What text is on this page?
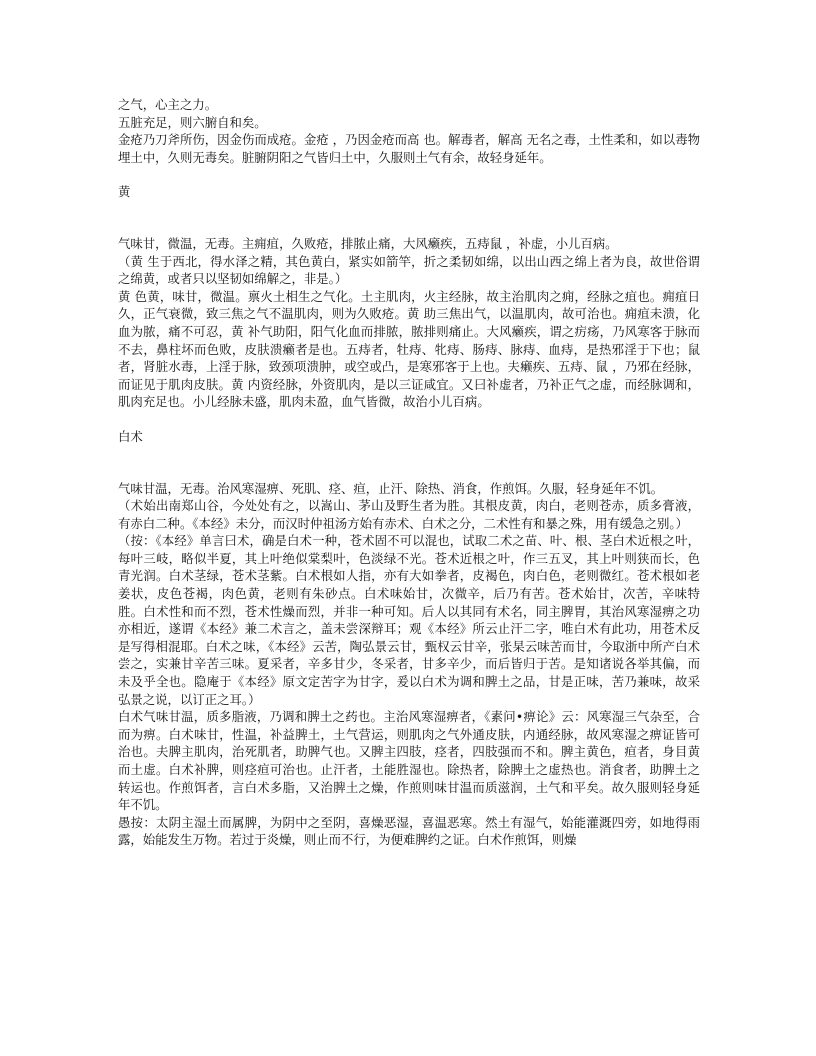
之气，心主之力。

五脏充足，则六腑自和矣。

金疮乃刀斧所伤，因金伤而成疮。金疮 ，乃因金疮而高 也。解毒者，解高 无名之毒，土性柔和，如以毒物埋土中，久则无毒矣。脏腑阴阳之气皆归土中，久服则土气有余，故轻身延年。

黄

气味甘，微温，无毒。主痈疽，久败疮，排脓止痛，大风癞疾，五痔鼠 ，补虚，小儿百病。

（黄 生于西北，得水泽之精，其色黄白，紧实如箭竿，折之柔韧如绵，以出山西之绵上者为良，故世俗谓之绵黄，或者只以坚韧如绵解之，非是。）

黄 色黄，味甘，微温。禀火土相生之气化。土主肌肉，火主经脉，故主治肌肉之痈，经脉之疽也。痈疽日久，正气衰微，致三焦之气不温肌肉，则为久败疮。黄 助三焦出气，以温肌肉，故可治也。痈疽未溃，化血为脓，痛不可忍，黄 补气助阳，阳气化血而排脓，脓排则痛止。大风癞疾，谓之疠疡，乃风寒客于脉而不去，鼻柱坏而色败，皮肤溃癞者是也。五痔者，牡痔、牝痔、肠痔、脉痔、血痔，是热邪淫于下也；鼠 者，肾脏水毒，上淫于脉，致颈项溃肿，或空或凸，是寒邪客于上也。夫癞疾、五痔、鼠 ，乃邪在经脉，而证见于肌肉皮肤。黄 内资经脉，外资肌肉，是以三证咸宜。又曰补虚者，乃补正气之虚，而经脉调和，肌肉充足也。小儿经脉未盛，肌肉未盈，血气皆微，故治小儿百病。

白术

气味甘温，无毒。治风寒湿痹、死肌、痉、疸，止汗、除热、消食，作煎饵。久服，轻身延年不饥。

（术始出南郑山谷，今处处有之，以嵩山、茅山及野生者为胜。其根皮黄，肉白，老则苍赤，质多膏液，有赤白二种。《本经》未分，而汉时仲祖汤方始有赤术、白术之分，二术性有和暴之殊，用有缓急之别。）

（按：《本经》单言曰术，确是白术一种，苍术固不可以混也，试取二术之苗、叶、根、茎白术近根之叶，每叶三岐，略似半夏，其上叶绝似棠梨叶，色淡绿不光。苍术近根之叶，作三五叉，其上叶则狭而长，色青光润。白术茎绿，苍术茎紫。白术根如人指，亦有大如拳者，皮褐色，肉白色，老则微红。苍术根如老姜状，皮色苍褐，肉色黄，老则有朱砂点。白术味始甘，次微辛，后乃有苦。苍术始甘，次苦，辛味特胜。白术性和而不烈，苍术性燥而烈，并非一种可知。后人以其同有术名，同主脾胃，其治风寒湿痹之功亦相近，遂谓《本经》兼二术言之，盖未尝深辩耳；观《本经》所云止汗二字，唯白术有此功，用苍术反是写得相混耶。白术之味，《本经》云苦，陶弘景云甘，甄权云甘辛，张杲云味苦而甘，今取浙中所产白术尝之，实兼甘辛苦三味。夏采者，辛多甘少，冬采者，甘多辛少，而后皆归于苦。是知诸说各举其偏，而未及乎全也。隐庵于《本经》原文定苦字为甘字，爰以白术为调和脾土之品，甘是正味，苦乃兼味，故采弘景之说，以订正之耳。）

白术气味甘温，质多脂液，乃调和脾土之药也。主治风寒湿痹者，《素问•痹论》云：风寒湿三气杂至，合而为痹。白术味甘，性温，补益脾土，土气营运，则肌肉之气外通皮肤，内通经脉，故风寒湿之痹证皆可治也。夫脾主肌肉，治死肌者，助脾气也。又脾主四肢，痉者，四肢强而不和。脾主黄色，疸者，身目黄而土虚。白术补脾，则痉疸可治也。止汗者，土能胜湿也。除热者，除脾土之虚热也。消食者，助脾土之转运也。作煎饵者，言白术多脂，又治脾土之燥，作煎则味甘温而质滋润，土气和平矣。故久服则轻身延年不饥。

愚按：太阴主湿土而属脾，为阴中之至阴，喜燥恶湿，喜温恶寒。然土有湿气，始能灌溉四旁，如地得雨露，始能发生万物。若过于炎燥，则止而不行，为便难脾约之证。白术作煎饵，则燥
